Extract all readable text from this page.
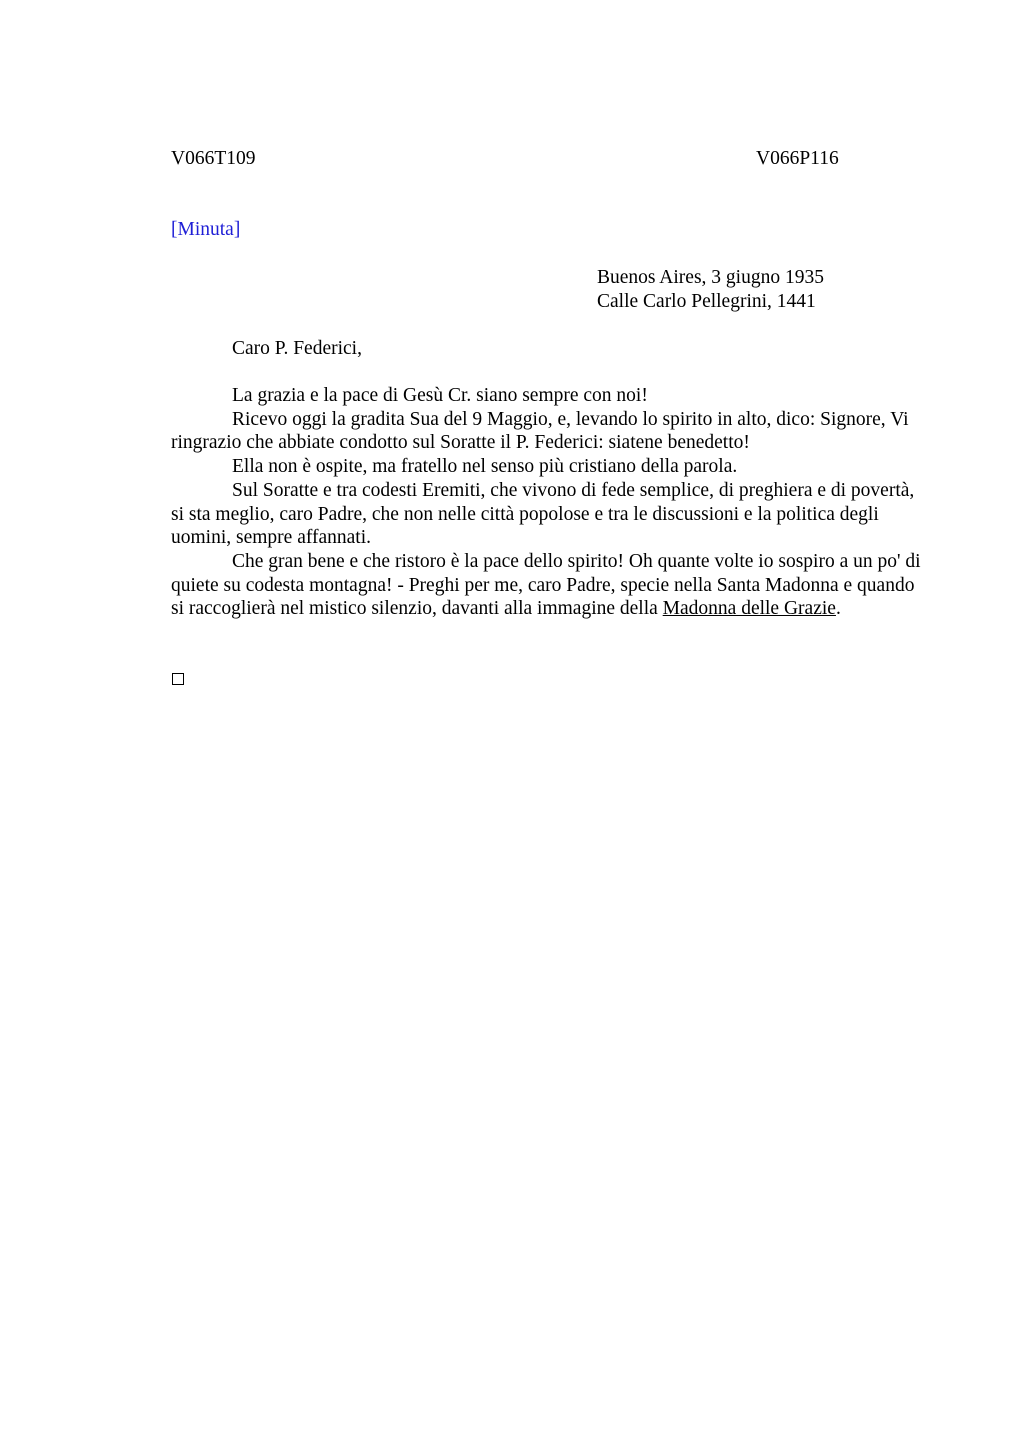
V066T109	V066P116
[Minuta]
Buenos Aires, 3 giugno 1935
Calle Carlo Pellegrini, 1441
Caro P. Federici,

La grazia e la pace di Gesù Cr. siano sempre con noi!

Ricevo oggi la gradita Sua del 9 Maggio, e, levando lo spirito in alto, dico: Signore, Vi ringrazio che abbiate condotto sul Soratte il P. Federici: siatene benedetto!

Ella non è ospite, ma fratello nel senso più cristiano della parola.

Sul Soratte e tra codesti Eremiti, che vivono di fede semplice, di preghiera e di povertà, si sta meglio, caro Padre, che non nelle città popolose e tra le discussioni e la politica degli uomini, sempre affannati.

Che gran bene e che ristoro è la pace dello spirito! Oh quante volte io sospiro a un po' di quiete su codesta montagna! - Preghi per me, caro Padre, specie nella Santa Madonna e quando si raccoglierà nel mistico silenzio, davanti alla immagine della Madonna delle Grazie.
